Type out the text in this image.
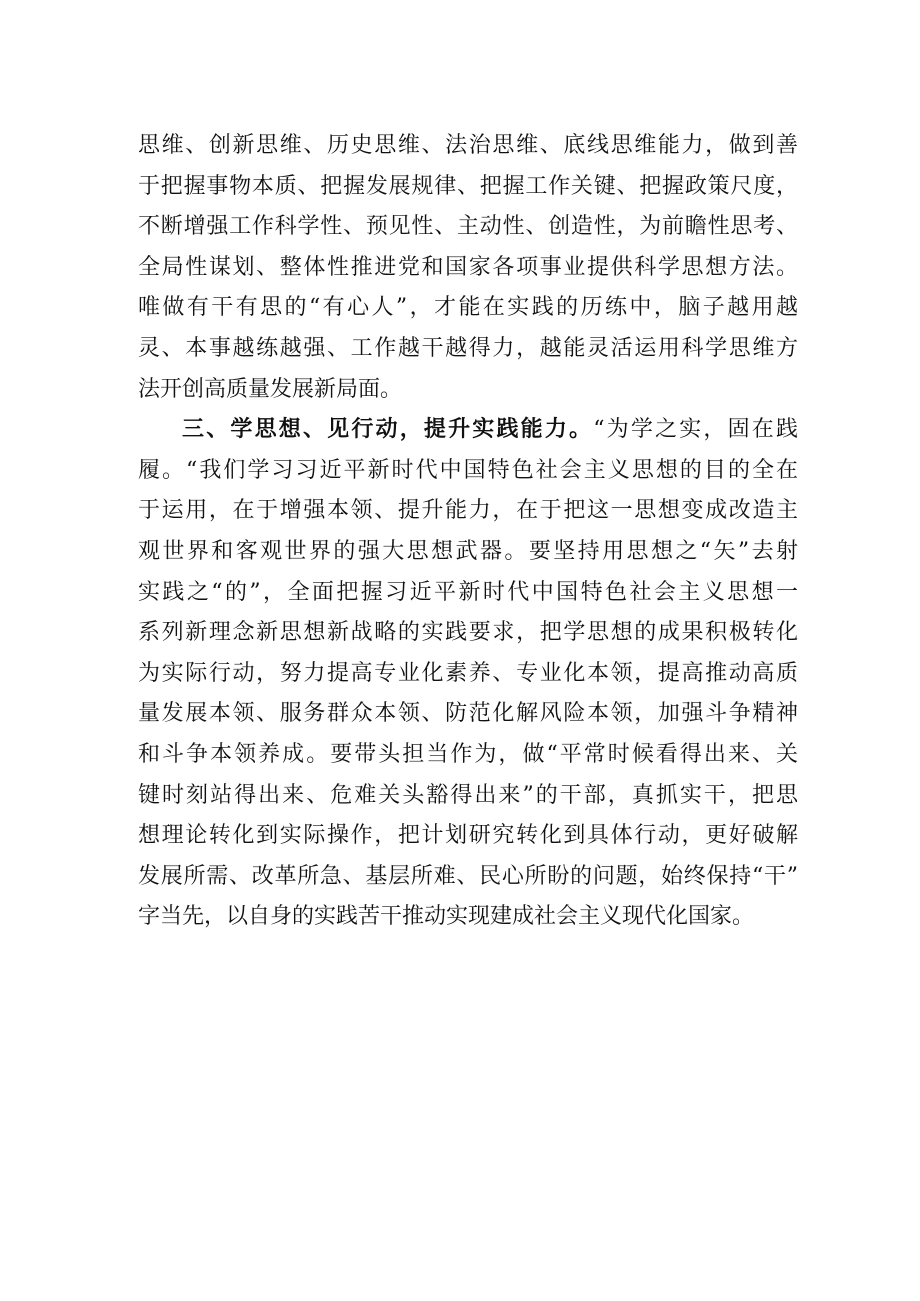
思维、创新思维、历史思维、法治思维、底线思维能力，做到善
于把握事物本质、把握发展规律、把握工作关键、把握政策尺度，
不断增强工作科学性、预见性、主动性、创造性，为前瞻性思考、
全局性谋划、整体性推进党和国家各项事业提供科学思想方法。
唯做有干有思的“有心人”，才能在实践的历练中，脑子越用越
灵、本事越练越强、工作越干越得力，越能灵活运用科学思维方
法开创高质量发展新局面。
三、学思想、见行动，提升实践能力。“为学之实，固在践
履。“我们学习习近平新时代中国特色社会主义思想的目的全在
于运用，在于增强本领、提升能力，在于把这一思想变成改造主
观世界和客观世界的强大思想武器。要坚持用思想之“矢”去射
实践之“的”，全面把握习近平新时代中国特色社会主义思想一
系列新理念新思想新战略的实践要求，把学思想的成果积极转化
为实际行动，努力提高专业化素养、专业化本领，提高推动高质
量发展本领、服务群众本领、防范化解风险本领，加强斗争精神
和斗争本领养成。要带头担当作为，做“平常时候看得出来、关
键时刻站得出来、危难关头豁得出来”的干部，真抓实干，把思
想理论转化到实际操作，把计划研究转化到具体行动，更好破解
发展所需、改革所急、基层所难、民心所盼的问题，始终保持“干”
字当先，以自身的实践苦干推动实现建成社会主义现代化国家。
